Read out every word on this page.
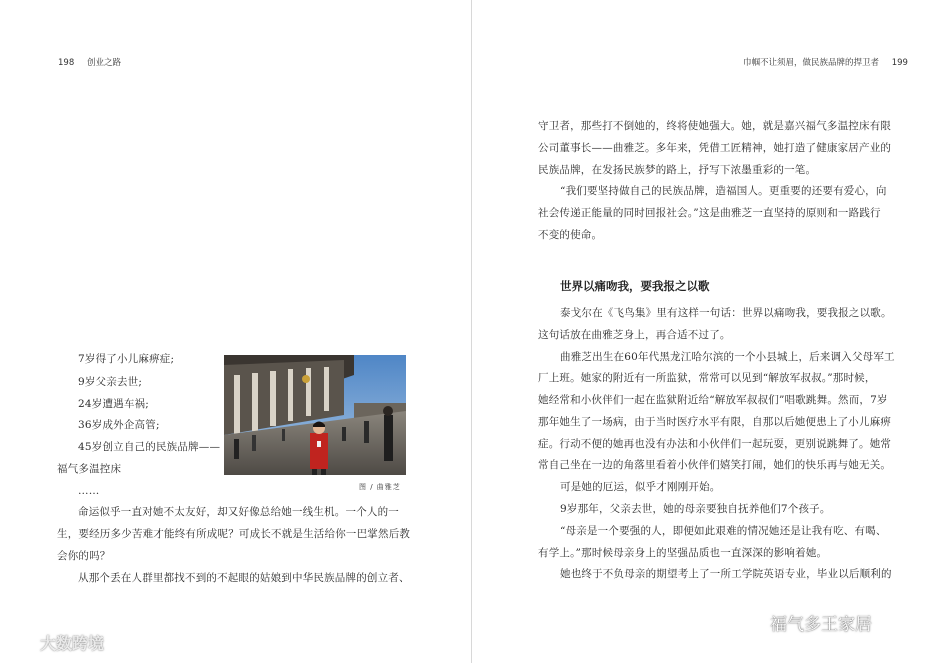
198 创业之路
7岁得了小儿麻痹症;
9岁父亲去世;
24岁遭遇车祸;
36岁成外企高管;
45岁创立自己的民族品牌——
福气多温控床
……	图 / 曲雅芝
命运似乎一直对她不太友好，却又好像总给她一线生机。一个人的一
生，要经历多少苦难才能终有所成呢？可成长不就是生活给你一巴掌然后教
会你的吗？
从那个丢在人群里都找不到的不起眼的姑娘到中华民族品牌的创立者、
大数跨境
巾帼不让须眉，做民族品牌的捍卫者 199
守卫者，那些打不倒她的，终将使她强大。她，就是嘉兴福气多温控床有限
公司董事长——曲雅芝。多年来，凭借工匠精神，她打造了健康家居产业的
民族品牌，在发扬民族梦的路上，抒写下浓墨重彩的一笔。
“我们要坚持做自己的民族品牌，造福国人。更重要的还要有爱心，向
社会传递正能量的同时回报社会。”这是曲雅芝一直坚持的原则和一路践行
不变的使命。
世界以痛吻我，要我报之以歌
泰戈尔在《飞鸟集》里有这样一句话：世界以痛吻我，要我报之以歌。
这句话放在曲雅芝身上，再合适不过了。
曲雅芝出生在60年代黑龙江哈尔滨的一个小县城上，后来调入父母军工
厂上班。她家的附近有一所监狱，常常可以见到“解放军叔叔。”那时候，
她经常和小伙伴们一起在监狱附近给“解放军叔叔们”唱歌跳舞。然而，7岁
那年她生了一场病，由于当时医疗水平有限，自那以后她便患上了小儿麻痹
症。行动不便的她再也没有办法和小伙伴们一起玩耍，更别说跳舞了。她常
常自己坐在一边的角落里看着小伙伴们嬉笑打闹，她们的快乐再与她无关。
可是她的厄运，似乎才刚刚开始。
9岁那年，父亲去世，她的母亲要独自抚养他们7个孩子。
“母亲是一个要强的人，即便如此艰难的情况她还是让我有吃、有喝、
有学上。”那时候母亲身上的坚强品质也一直深深的影响着她。
她也终于不负母亲的期望考上了一所工学院英语专业，毕业以后顺利的
福气多王家居
